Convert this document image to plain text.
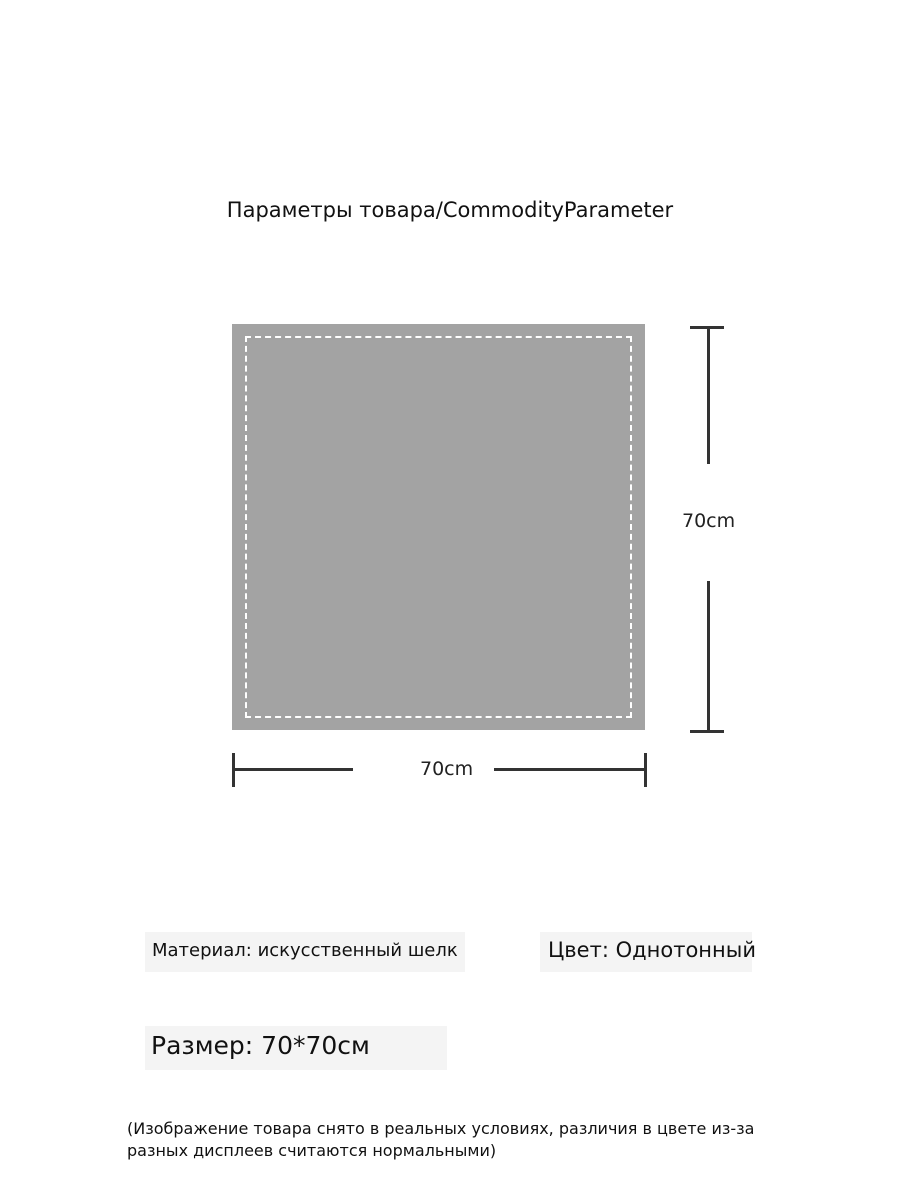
Параметры товара/CommodityParameter
70cm
70cm
Материал: искусственный шелк	Цвет: Однотонный
Размер: 70*70см
(Изображение товара снято в реальных условиях, различия в цвете из-за
разных дисплеев считаются нормальными)
